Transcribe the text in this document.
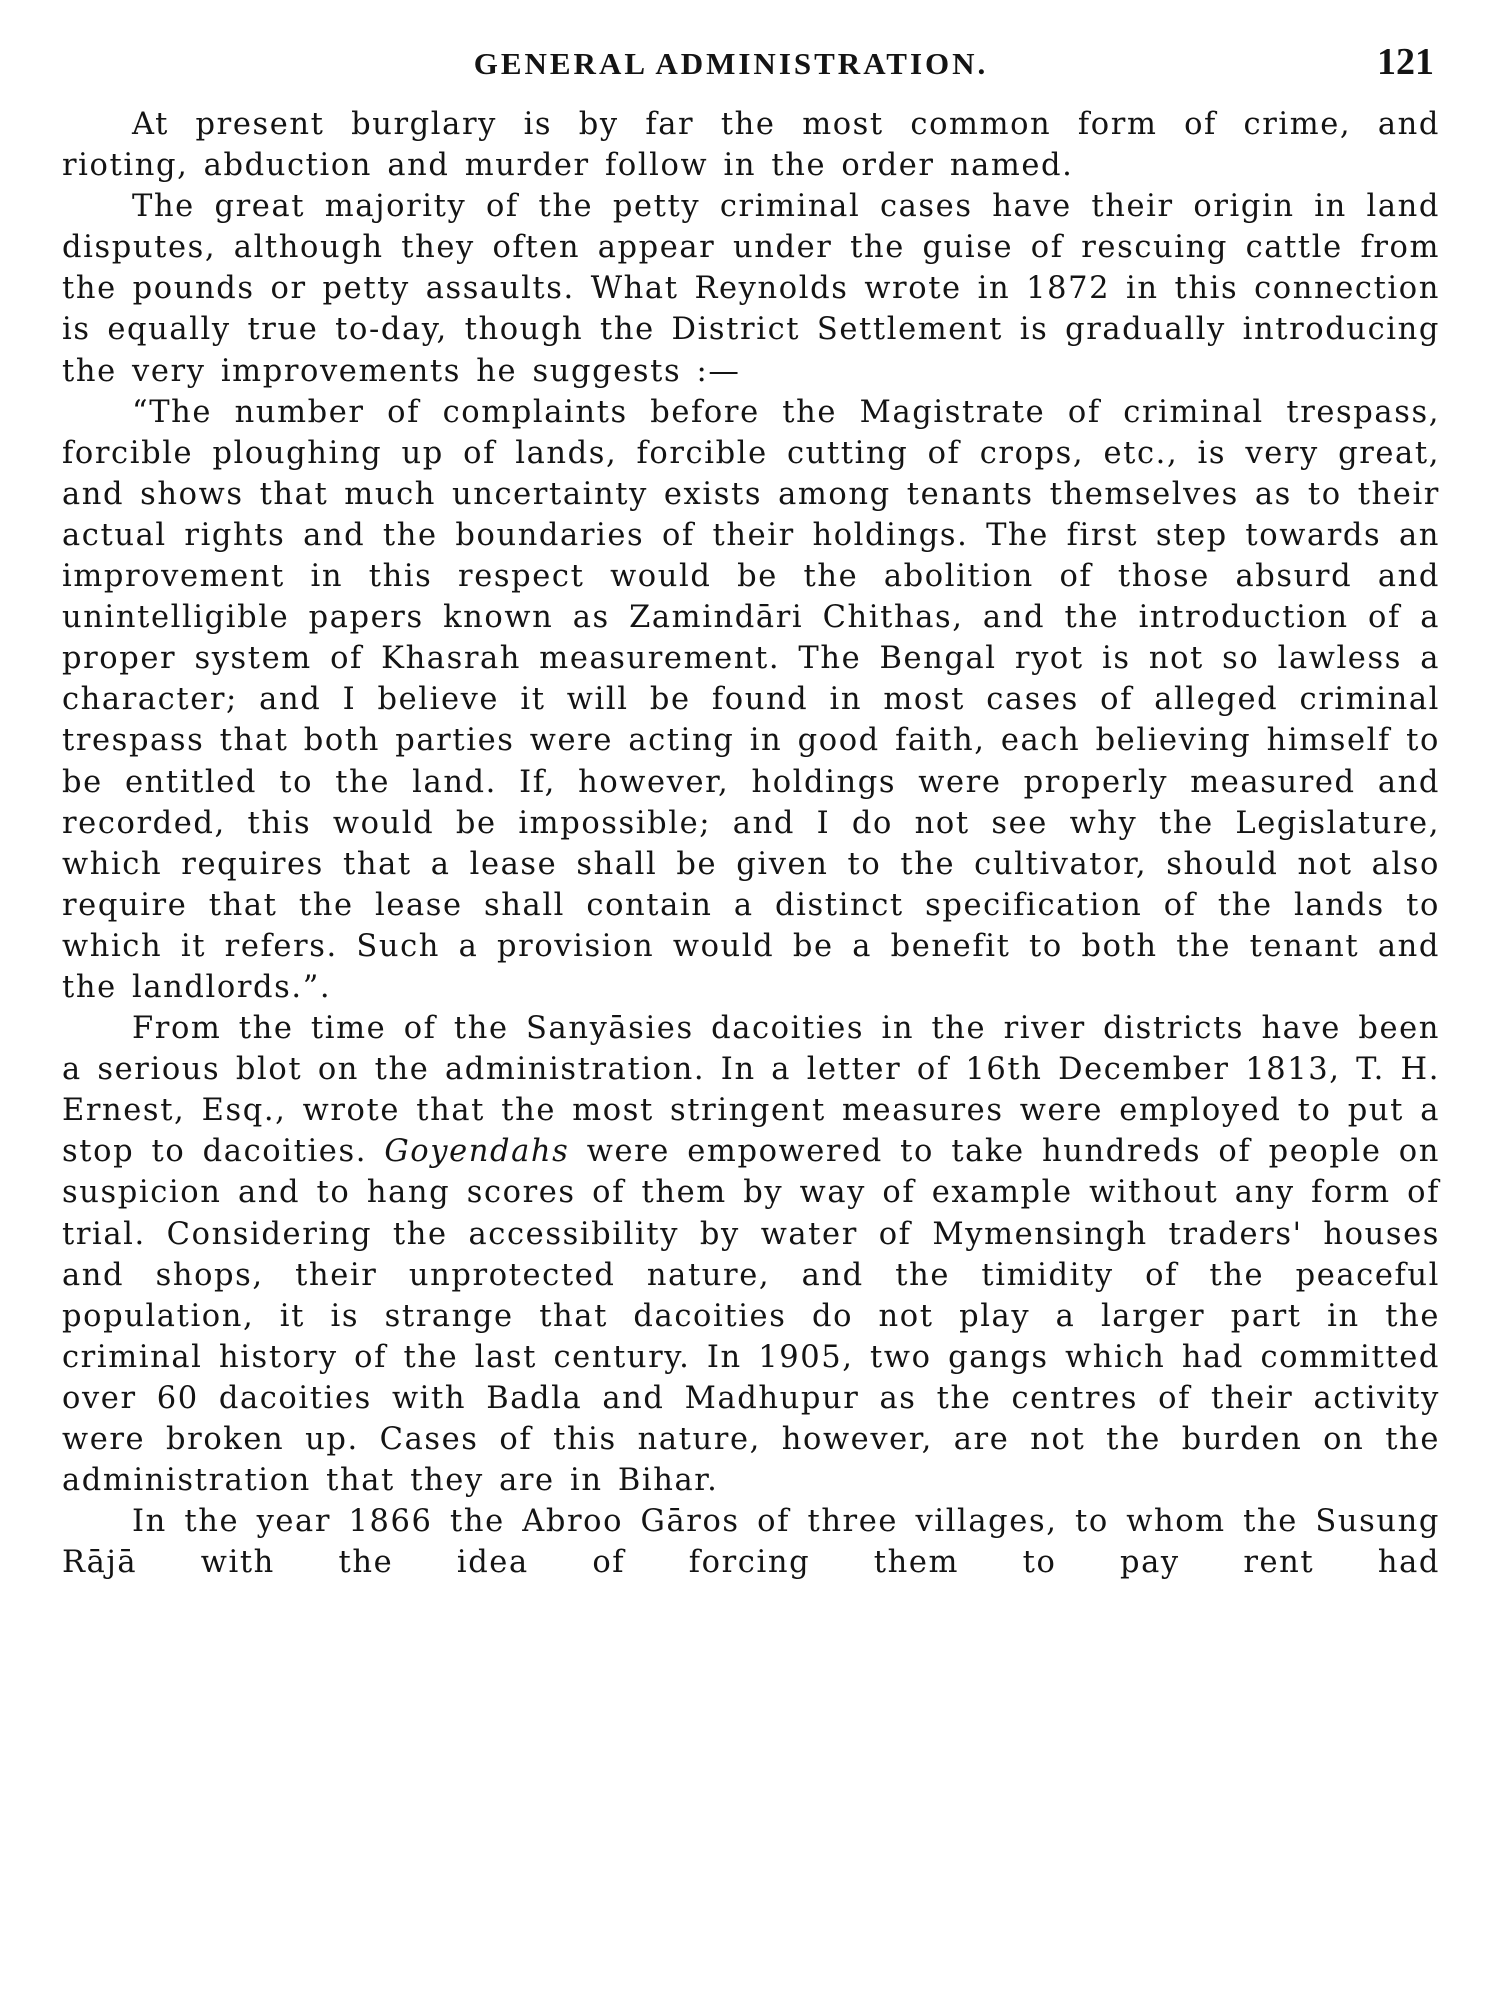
GENERAL ADMINISTRATION.	121

At present burglary is by far the most common form of crime, and rioting, abduction and murder follow in the order named.

The great majority of the petty criminal cases have their origin in land disputes, although they often appear under the guise of rescuing cattle from the pounds or petty assaults. What Reynolds wrote in 1872 in this connection is equally true to-day, though the District Settlement is gradually introducing the very improvements he suggests :—

“The number of complaints before the Magistrate of criminal trespass, forcible ploughing up of lands, forcible cutting of crops, etc., is very great, and shows that much uncertainty exists among tenants themselves as to their actual rights and the boundaries of their holdings. The first step towards an improvement in this respect would be the abolition of those absurd and unintelligible papers known as Zamindāri Chithas, and the introduction of a proper system of Khasrah measurement. The Bengal ryot is not so lawless a character; and I believe it will be found in most cases of alleged criminal trespass that both parties were acting in good faith, each believing himself to be entitled to the land. If, however, holdings were properly measured and recorded, this would be impossible; and I do not see why the Legislature, which requires that a lease shall be given to the cultivator, should not also require that the lease shall contain a distinct specification of the lands to which it refers. Such a provision would be a benefit to both the tenant and the landlords.”.

From the time of the Sanyāsies dacoities in the river districts have been a serious blot on the administration. In a letter of 16th December 1813, T. H. Ernest, Esq., wrote that the most stringent measures were employed to put a stop to dacoities. Goyendahs were empowered to take hundreds of people on suspicion and to hang scores of them by way of example without any form of trial. Considering the accessibility by water of Mymensingh traders' houses and shops, their unprotected nature, and the timidity of the peaceful population, it is strange that dacoities do not play a larger part in the criminal history of the last century. In 1905, two gangs which had committed over 60 dacoities with Badla and Madhupur as the centres of their activity were broken up. Cases of this nature, however, are not the burden on the administration that they are in Bihar.

In the year 1866 the Abroo Gāros of three villages, to whom the Susung Rājā with the idea of forcing them to pay rent had
